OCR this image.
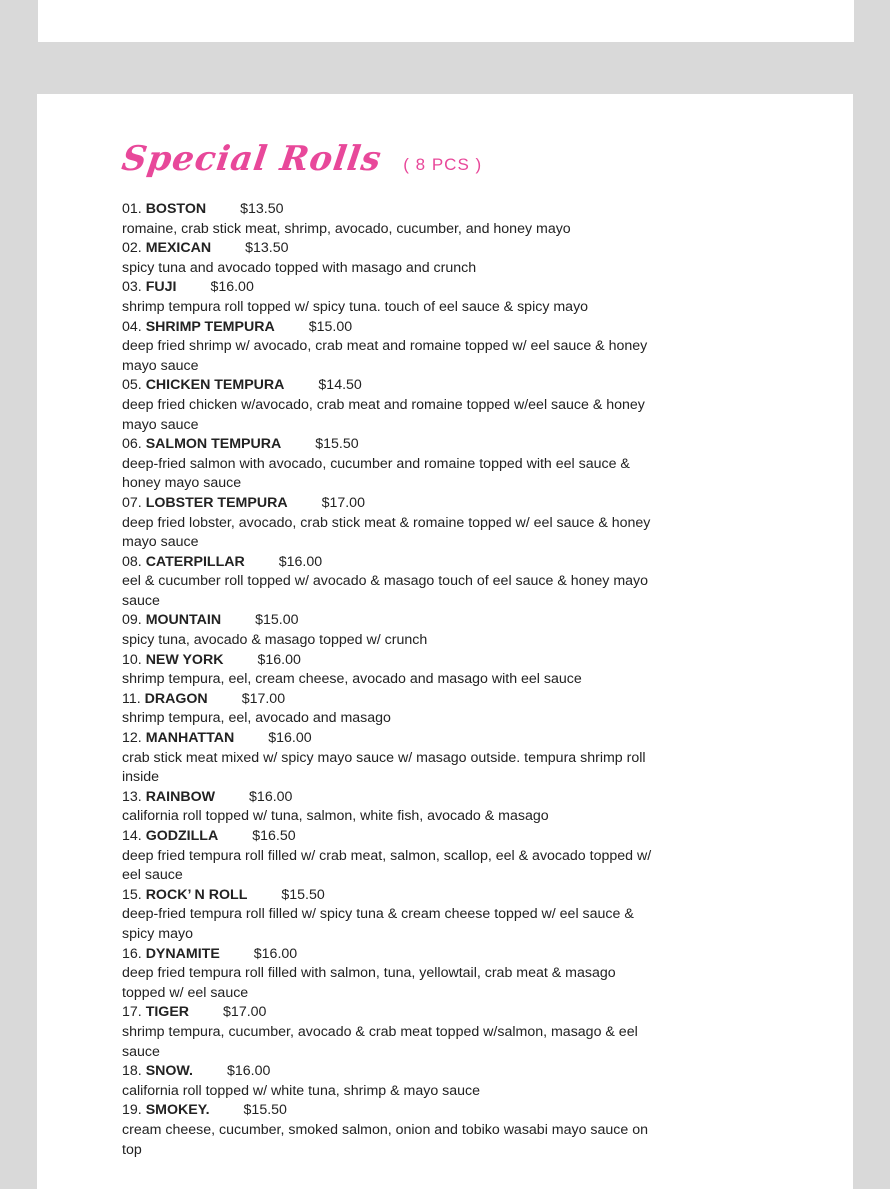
Special Rolls ( 8 PCS )
01. BOSTON $13.50
romaine, crab stick meat, shrimp, avocado, cucumber, and honey mayo
02. MEXICAN $13.50
spicy tuna and avocado topped with masago and crunch
03. FUJI $16.00
shrimp tempura roll topped w/ spicy tuna. touch of eel sauce & spicy mayo
04. SHRIMP TEMPURA $15.00
deep fried shrimp w/ avocado, crab meat and romaine topped w/ eel sauce & honey mayo sauce
05. CHICKEN TEMPURA $14.50
deep fried chicken w/avocado, crab meat and romaine topped w/eel sauce & honey mayo sauce
06. SALMON TEMPURA $15.50
deep-fried salmon with avocado, cucumber and romaine topped with eel sauce & honey mayo sauce
07. LOBSTER TEMPURA $17.00
deep fried lobster, avocado, crab stick meat & romaine topped w/ eel sauce & honey mayo sauce
08. CATERPILLAR $16.00
eel & cucumber roll topped w/ avocado & masago touch of eel sauce & honey mayo sauce
09. MOUNTAIN $15.00
spicy tuna, avocado & masago topped w/ crunch
10. NEW YORK $16.00
shrimp tempura, eel, cream cheese, avocado and masago with eel sauce
11. DRAGON $17.00
shrimp tempura, eel, avocado and masago
12. MANHATTAN $16.00
crab stick meat mixed w/ spicy mayo sauce w/ masago outside. tempura shrimp roll inside
13. RAINBOW $16.00
california roll topped w/ tuna, salmon, white fish, avocado & masago
14. GODZILLA $16.50
deep fried tempura roll filled w/ crab meat, salmon, scallop, eel & avocado topped w/ eel sauce
15. ROCK’ N ROLL $15.50
deep-fried tempura roll filled w/ spicy tuna & cream cheese topped w/ eel sauce & spicy mayo
16. DYNAMITE $16.00
deep fried tempura roll filled with salmon, tuna, yellowtail, crab meat & masago topped w/ eel sauce
17. TIGER $17.00
shrimp tempura, cucumber, avocado & crab meat topped w/salmon, masago & eel sauce
18. SNOW. $16.00
california roll topped w/ white tuna, shrimp & mayo sauce
19. SMOKEY. $15.50
cream cheese, cucumber, smoked salmon, onion and tobiko wasabi mayo sauce on top
